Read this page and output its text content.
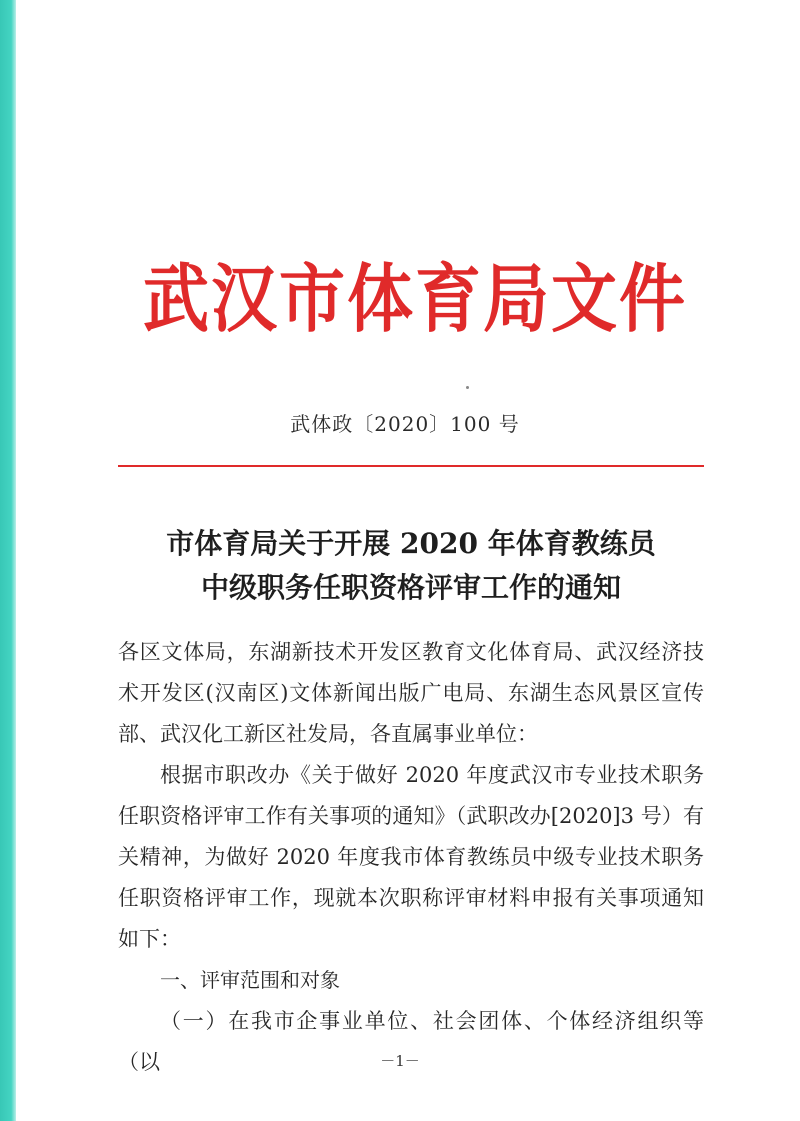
武汉市体育局文件
武体政〔2020〕100 号
市体育局关于开展 2020 年体育教练员
中级职务任职资格评审工作的通知

各区文体局，东湖新技术开发区教育文化体育局、武汉经济技术开发区(汉南区)文体新闻出版广电局、东湖生态风景区宣传部、武汉化工新区社发局，各直属事业单位：

根据市职改办《关于做好 2020 年度武汉市专业技术职务任职资格评审工作有关事项的通知》（武职改办[2020]3 号）有关精神，为做好 2020 年度我市体育教练员中级专业技术职务任职资格评审工作，现就本次职称评审材料申报有关事项通知如下：

一、评审范围和对象

（一）在我市企事业单位、社会团体、个体经济组织等（以	－1－
